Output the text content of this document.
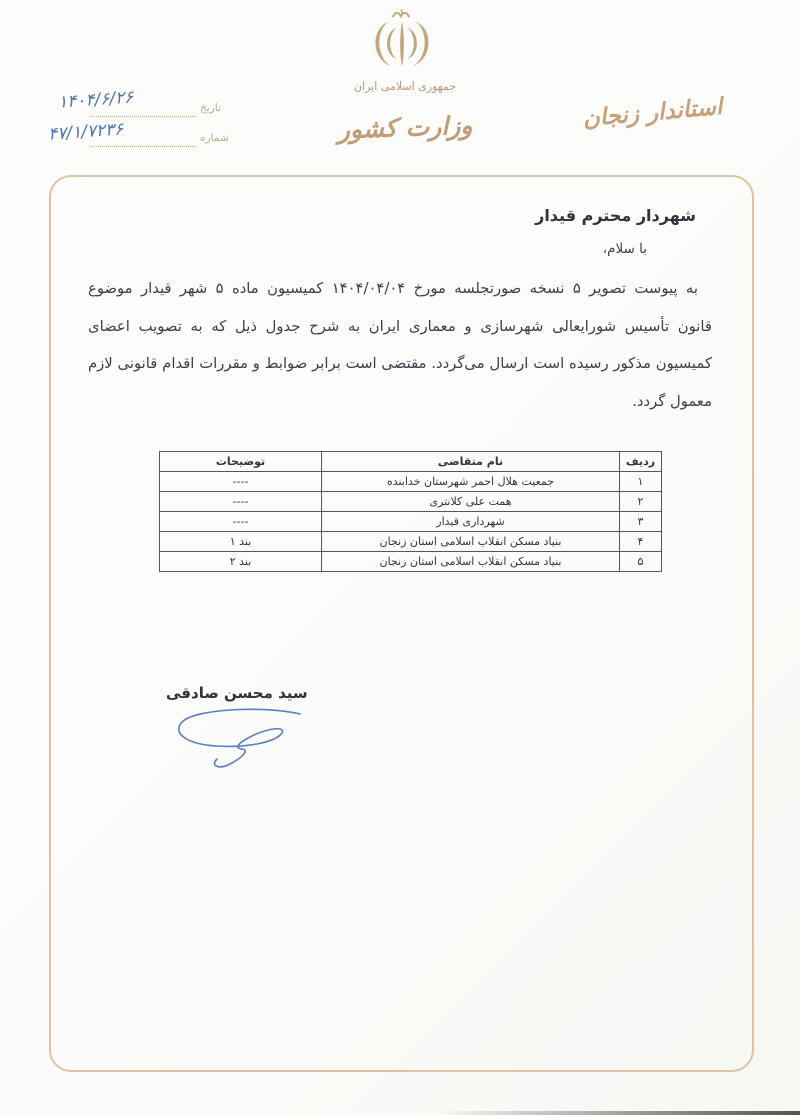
جمهوری اسلامی ایران
وزارت کشور	استاندار زنجان
تاریخ
۱۴۰۴/۶/۲۶
شماره
۴۷/۱/۷۲۳۶
شهردار محترم قیدار
با سلام،
به پیوست تصویر ۵ نسخه صورتجلسه مورخ ۱۴۰۴/۰۴/۰۴ کمیسیون ماده ۵ شهر قیدار موضوع
قانون تأسیس شورایعالی شهرسازی و معماری ایران به شرح جدول ذیل که به تصویب اعضای
کمیسیون مذکور رسیده است ارسال می‌گردد. مقتضی است برابر ضوابط و مقررات اقدام قانونی لازم
معمول گردد.
ردیف	نام متقاضی	توضیحات
۱	جمعیت هلال احمر شهرستان خدابنده	----
۲	همت علی کلانتری	----
۳	شهرداری قیدار	----
۴	بنیاد مسکن انقلاب اسلامی استان زنجان	بند ۱
۵	بنیاد مسکن انقلاب اسلامی استان زنجان	بند ۲
سید محسن صادقی
